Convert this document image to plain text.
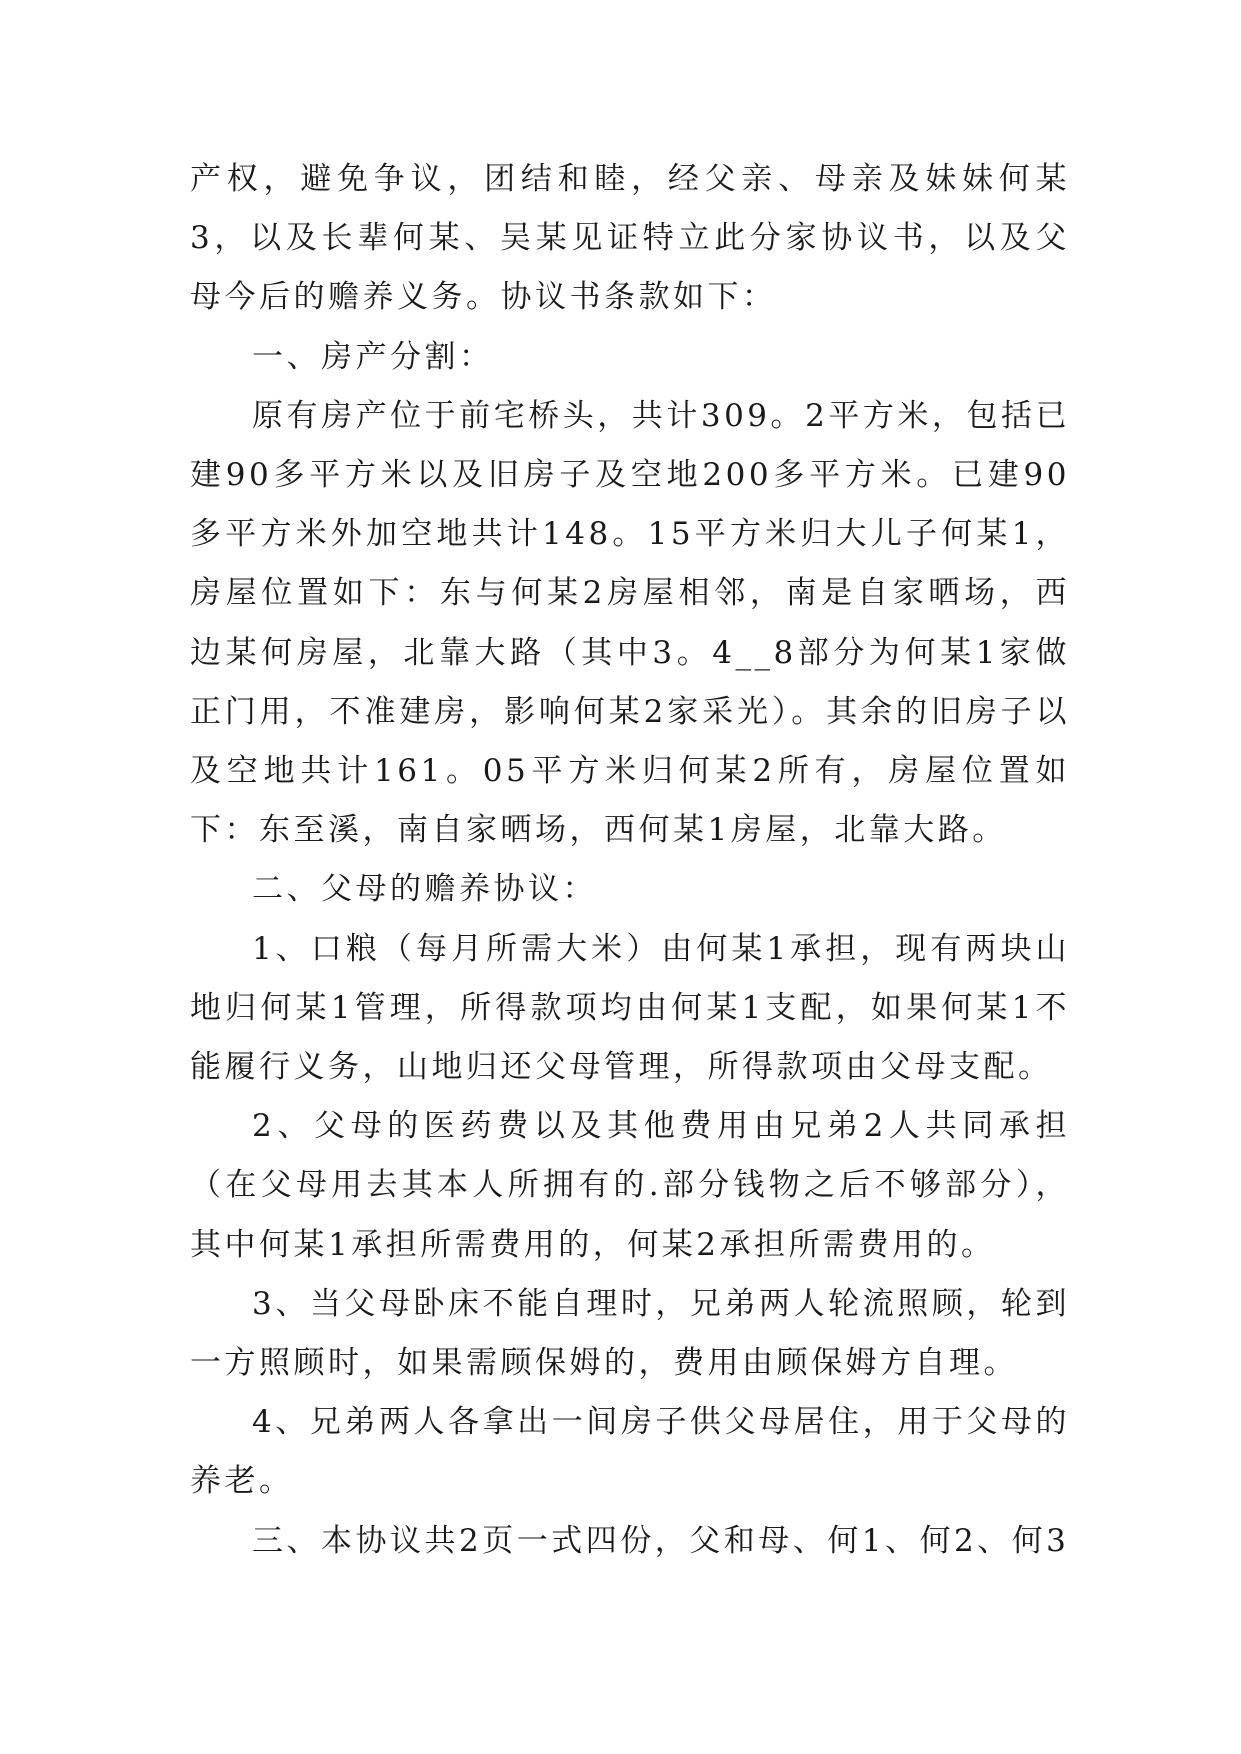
产权，避免争议，团结和睦，经父亲、母亲及妹妹何某3，以及长辈何某、吴某见证特立此分家协议书，以及父母今后的赡养义务。协议书条款如下：

一、房产分割：

原有房产位于前宅桥头，共计309。2平方米，包括已建90多平方米以及旧房子及空地200多平方米。已建90多平方米外加空地共计148。15平方米归大儿子何某1，房屋位置如下：东与何某2房屋相邻，南是自家晒场，西边某何房屋，北靠大路（其中3。4__8部分为何某1家做正门用，不准建房，影响何某2家采光）。其余的旧房子以及空地共计161。05平方米归何某2所有，房屋位置如下：东至溪，南自家晒场，西何某1房屋，北靠大路。

二、父母的赡养协议：

1、口粮（每月所需大米）由何某1承担，现有两块山地归何某1管理，所得款项均由何某1支配，如果何某1不能履行义务，山地归还父母管理，所得款项由父母支配。

2、父母的医药费以及其他费用由兄弟2人共同承担（在父母用去其本人所拥有的.部分钱物之后不够部分），其中何某1承担所需费用的，何某2承担所需费用的。

3、当父母卧床不能自理时，兄弟两人轮流照顾，轮到一方照顾时，如果需顾保姆的，费用由顾保姆方自理。

4、兄弟两人各拿出一间房子供父母居住，用于父母的养老。

三、本协议共2页一式四份，父和母、何1、何2、何3
